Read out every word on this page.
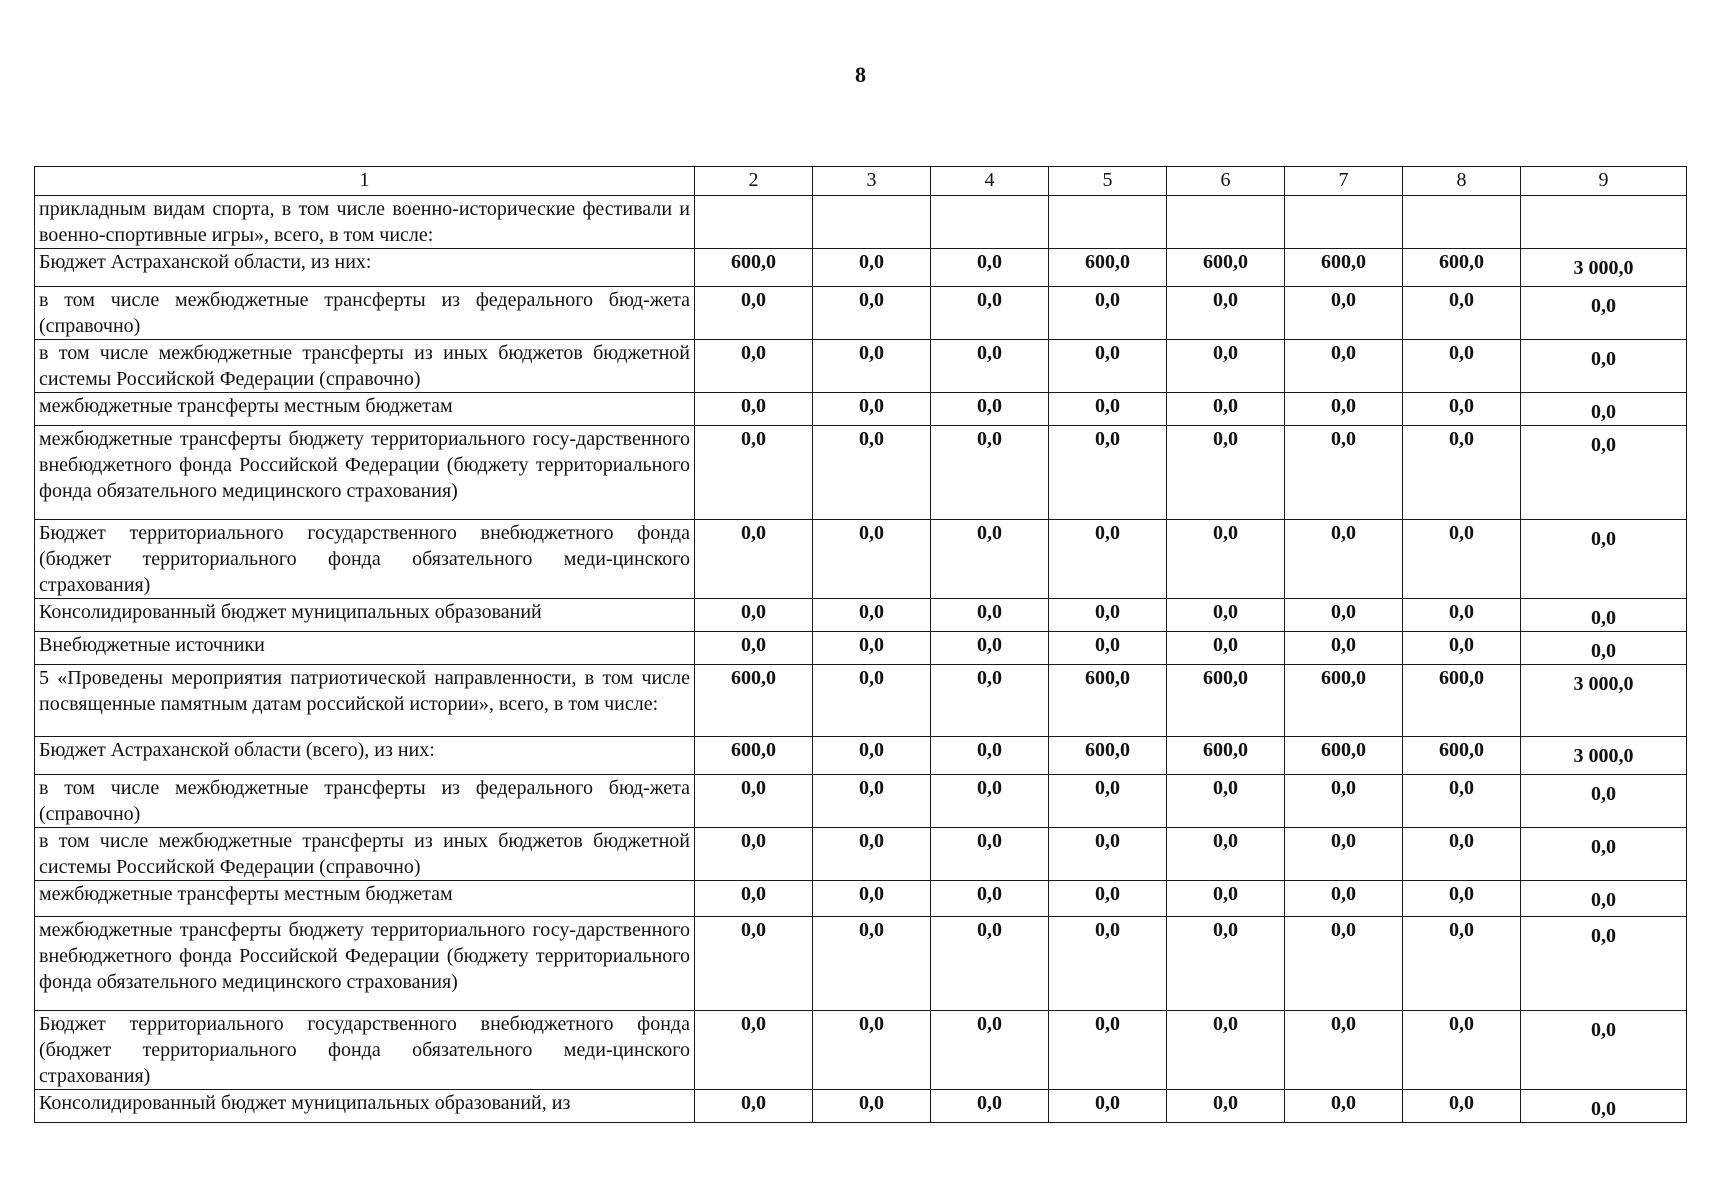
8
1	2	3	4	5	6	7	8	9
прикладным видам спорта, в том числе военно-исторические фестивали и военно-спортивные игры», всего, в том числе:								
Бюджет Астраханской области, из них:	600,0	0,0	0,0	600,0	600,0	600,0	600,0	3 000,0
в том числе межбюджетные трансферты из федерального бюд-жета (справочно)	0,0	0,0	0,0	0,0	0,0	0,0	0,0	0,0
в том числе межбюджетные трансферты из иных бюджетов бюджетной системы Российской Федерации (справочно)	0,0	0,0	0,0	0,0	0,0	0,0	0,0	0,0
межбюджетные трансферты местным бюджетам	0,0	0,0	0,0	0,0	0,0	0,0	0,0	0,0
межбюджетные трансферты бюджету территориального госу-дарственного внебюджетного фонда Российской Федерации (бюджету территориального фонда обязательного медицинского страхования)	0,0	0,0	0,0	0,0	0,0	0,0	0,0	0,0
Бюджет территориального государственного внебюджетного фонда (бюджет территориального фонда обязательного меди-цинского страхования)	0,0	0,0	0,0	0,0	0,0	0,0	0,0	0,0
Консолидированный бюджет муниципальных образований	0,0	0,0	0,0	0,0	0,0	0,0	0,0	0,0
Внебюджетные источники	0,0	0,0	0,0	0,0	0,0	0,0	0,0	0,0
5 «Проведены мероприятия патриотической направленности, в том числе посвященные памятным датам российской истории», всего, в том числе:	600,0	0,0	0,0	600,0	600,0	600,0	600,0	3 000,0
Бюджет Астраханской области (всего), из них:	600,0	0,0	0,0	600,0	600,0	600,0	600,0	3 000,0
в том числе межбюджетные трансферты из федерального бюд-жета (справочно)	0,0	0,0	0,0	0,0	0,0	0,0	0,0	0,0
в том числе межбюджетные трансферты из иных бюджетов бюджетной системы Российской Федерации (справочно)	0,0	0,0	0,0	0,0	0,0	0,0	0,0	0,0
межбюджетные трансферты местным бюджетам	0,0	0,0	0,0	0,0	0,0	0,0	0,0	0,0
межбюджетные трансферты бюджету территориального госу-дарственного внебюджетного фонда Российской Федерации (бюджету территориального фонда обязательного медицинского страхования)	0,0	0,0	0,0	0,0	0,0	0,0	0,0	0,0
Бюджет территориального государственного внебюджетного фонда (бюджет территориального фонда обязательного меди-цинского страхования)	0,0	0,0	0,0	0,0	0,0	0,0	0,0	0,0
Консолидированный бюджет муниципальных образований, из	0,0	0,0	0,0	0,0	0,0	0,0	0,0	0,0
